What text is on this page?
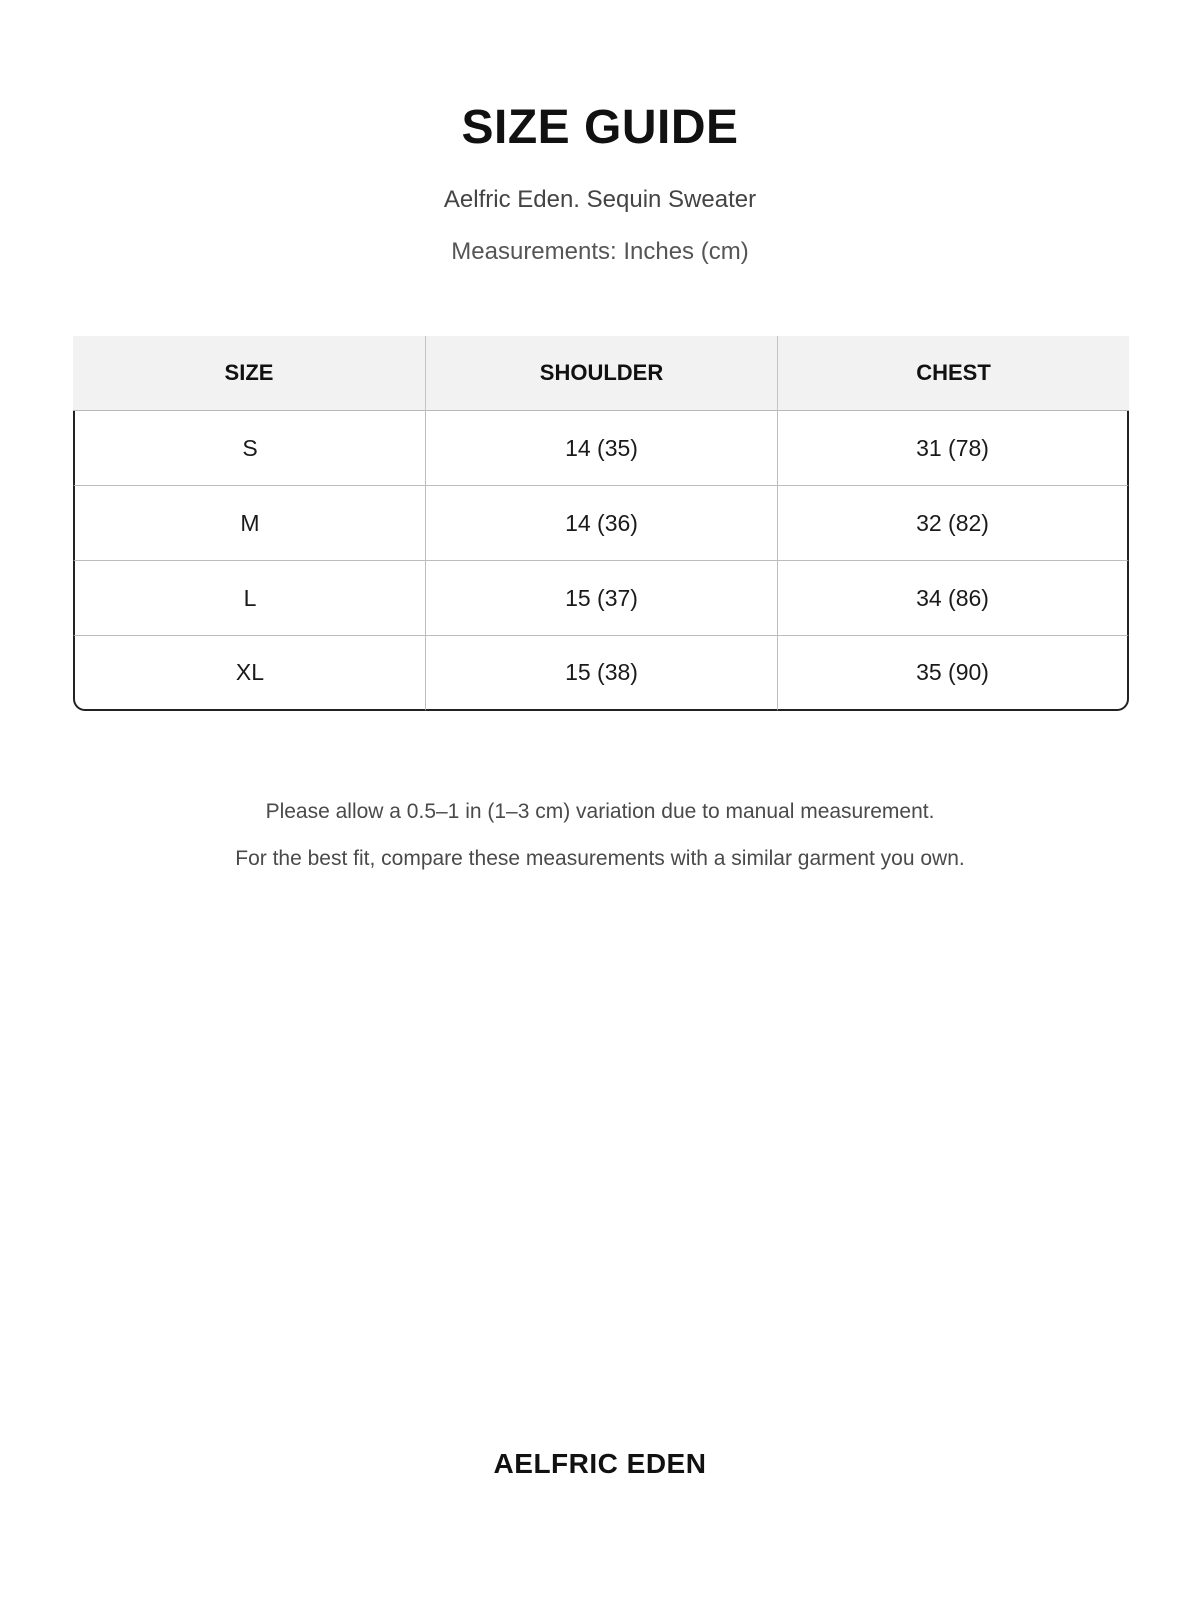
SIZE GUIDE
Aelfric Eden. Sequin Sweater
Measurements: Inches (cm)
SIZE	SHOULDER	CHEST
S	14 (35)	31 (78)
M	14 (36)	32 (82)
L	15 (37)	34 (86)
XL	15 (38)	35 (90)
Please allow a 0.5–1 in (1–3 cm) variation due to manual measurement.
For the best fit, compare these measurements with a similar garment you own.
AELFRIC EDEN
